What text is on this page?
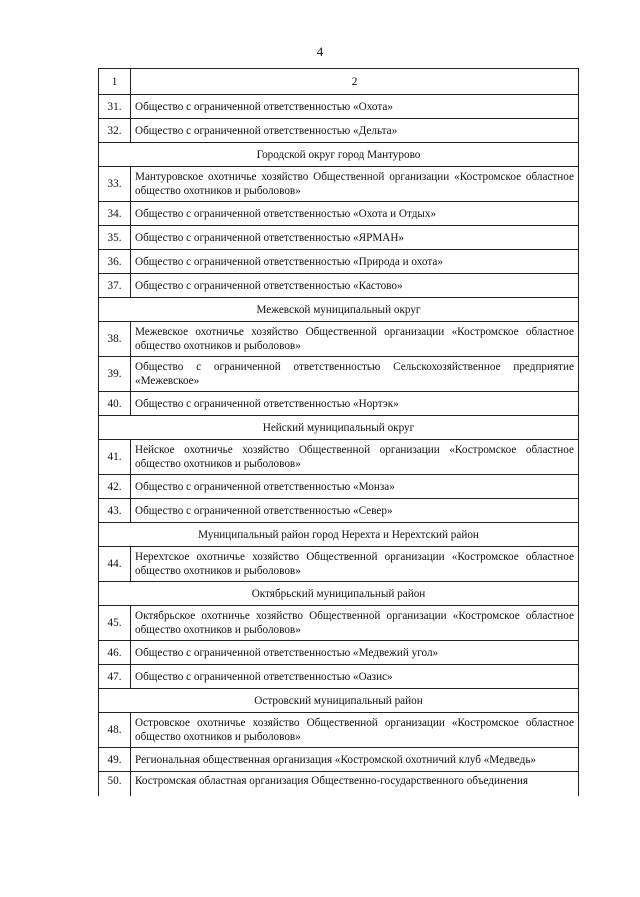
4
1	2
31.	Общество с ограниченной ответственностью «Охота»
32.	Общество с ограниченной ответственностью «Дельта»
Городской округ город Мантурово	
33.	Мантуровское охотничье хозяйство Общественной организации «Костромское областное общество охотников и рыболовов»
34.	Общество с ограниченной ответственностью «Охота и Отдых»
35.	Общество с ограниченной ответственностью «ЯРМАН»
36.	Общество с ограниченной ответственностью «Природа и охота»
37.	Общество с ограниченной ответственностью «Кастово»
Межевской муниципальный округ	
38.	Межевское охотничье хозяйство Общественной организации «Костромское областное общество охотников и рыболовов»
39.	Общество с ограниченной ответственностью Сельскохозяйственное предприятие «Межевское»
40.	Общество с ограниченной ответственностью «Нортэк»
Нейский муниципальный округ	
41.	Нейское охотничье хозяйство Общественной организации «Костромское областное общество охотников и рыболовов»
42.	Общество с ограниченной ответственностью «Монза»
43.	Общество с ограниченной ответственностью «Север»
Муниципальный район город Нерехта и Нерехтский район	
44.	Нерехтское охотничье хозяйство Общественной организации «Костромское областное общество охотников и рыболовов»
Октябрьский муниципальный район	
45.	Октябрьское охотничье хозяйство Общественной организации «Костромское областное общество охотников и рыболовов»
46.	Общество с ограниченной ответственностью «Медвежий угол»
47.	Общество с ограниченной ответственностью «Оазис»
Островский муниципальный район	
48.	Островское охотничье хозяйство Общественной организации «Костромское областное общество охотников и рыболовов»
49.	Региональная общественная организация «Костромской охотничий клуб «Медведь»
50.	Костромская областная организация Общественно-государственного объединения
